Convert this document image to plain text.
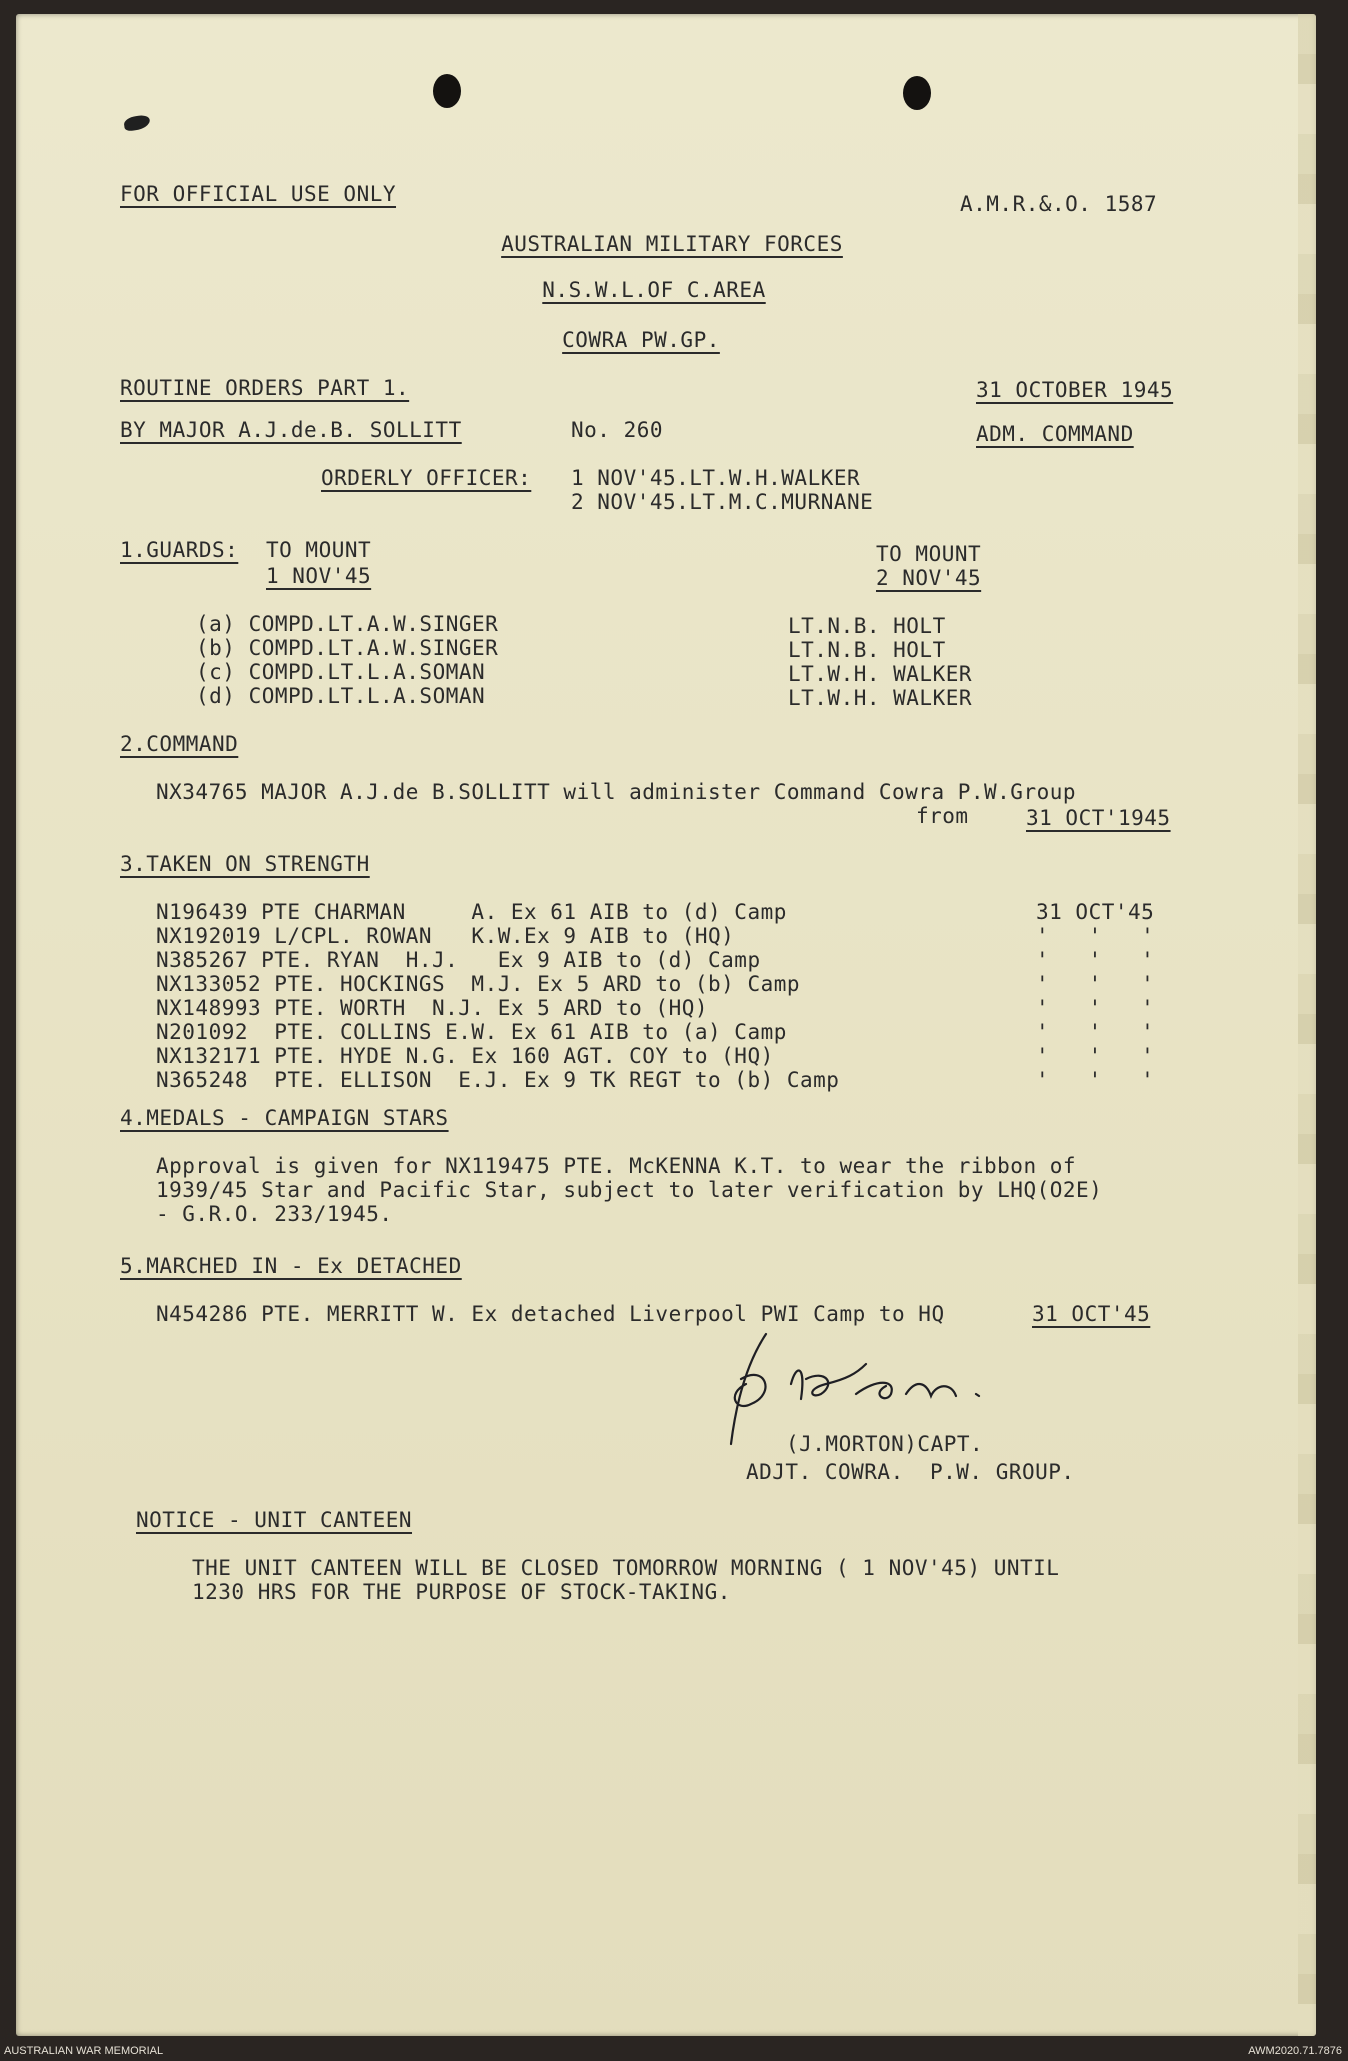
FOR OFFICIAL USE ONLY	A.M.R.&.O. 1587
AUSTRALIAN MILITARY FORCES
N.S.W.L.OF C.AREA
COWRA PW.GP.
ROUTINE ORDERS PART 1.	31 OCTOBER 1945
BY MAJOR A.J.de.B. SOLLITT	No. 260	ADM. COMMAND
ORDERLY OFFICER: 1 NOV'45.LT.W.H.WALKER
2 NOV'45.LT.M.C.MURNANE
1.GUARDS: TO MOUNT
1 NOV'45
TO MOUNT
2 NOV'45
(a) COMPD.LT.A.W.SINGER	LT.N.B. HOLT
(b) COMPD.LT.A.W.SINGER	LT.N.B. HOLT
(c) COMPD.LT.L.A.SOMAN	LT.W.H. WALKER
(d) COMPD.LT.L.A.SOMAN	LT.W.H. WALKER
2.COMMAND
NX34765 MAJOR A.J.de B.SOLLITT will administer Command Cowra P.W.Group
from	31 OCT'1945
3.TAKEN ON STRENGTH
N196439 PTE CHARMAN     A. Ex 61 AIB to (d) Camp	31 OCT'45
NX192019 L/CPL. ROWAN   K.W.Ex 9 AIB to (HQ)	'   '   '
N385267 PTE. RYAN  H.J.   Ex 9 AIB to (d) Camp	'   '   '
NX133052 PTE. HOCKINGS  M.J. Ex 5 ARD to (b) Camp	'   '   '
NX148993 PTE. WORTH  N.J. Ex 5 ARD to (HQ)	'   '   '
N201092  PTE. COLLINS E.W. Ex 61 AIB to (a) Camp	'   '   '
NX132171 PTE. HYDE N.G. Ex 160 AGT. COY to (HQ)	'   '   '
N365248  PTE. ELLISON  E.J. Ex 9 TK REGT to (b) Camp	'   '   '
4.MEDALS - CAMPAIGN STARS
Approval is given for NX119475 PTE. McKENNA K.T. to wear the ribbon of
1939/45 Star and Pacific Star, subject to later verification by LHQ(O2E)
- G.R.O. 233/1945.
5.MARCHED IN - Ex DETACHED
N454286 PTE. MERRITT W. Ex detached Liverpool PWI Camp to HQ	31 OCT'45
(J.MORTON)CAPT.
ADJT. COWRA.  P.W. GROUP.
NOTICE - UNIT CANTEEN
THE UNIT CANTEEN WILL BE CLOSED TOMORROW MORNING ( 1 NOV'45) UNTIL
1230 HRS FOR THE PURPOSE OF STOCK-TAKING.
AUSTRALIAN WAR MEMORIAL	AWM2020.71.7876
